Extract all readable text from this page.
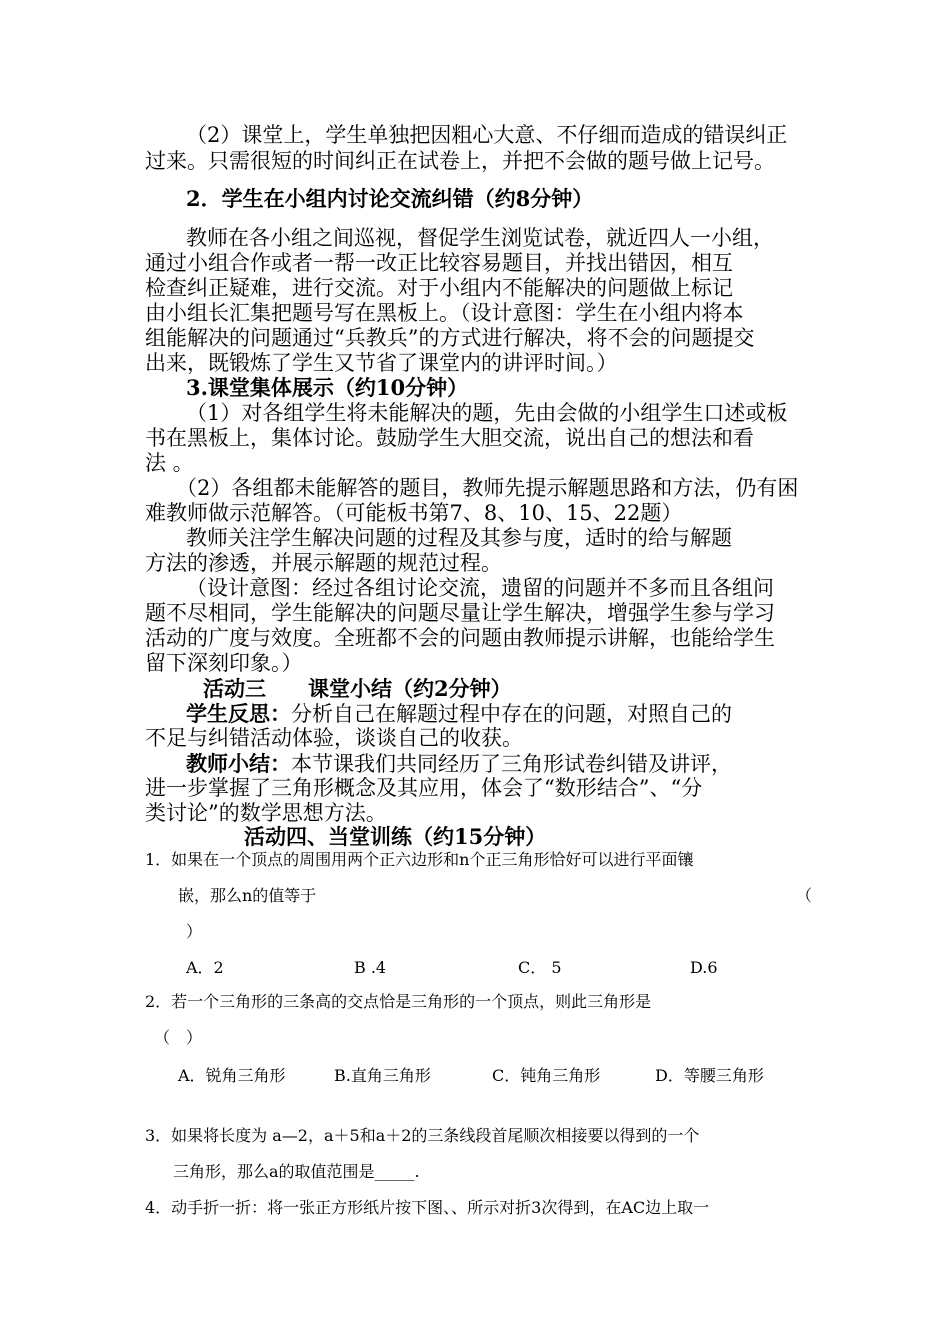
（2）课堂上，学生单独把因粗心大意、不仔细而造成的错误纠正
过来。只需很短的时间纠正在试卷上，并把不会做的题号做上记号。
2．学生在小组内讨论交流纠错（约8分钟）
教师在各小组之间巡视，督促学生浏览试卷，就近四人一小组，
通过小组合作或者一帮一改正比较容易题目，并找出错因，相互
检查纠正疑难，进行交流。对于小组内不能解决的问题做上标记
由小组长汇集把题号写在黑板上。（设计意图：学生在小组内将本
组能解决的问题通过“兵教兵”的方式进行解决，将不会的问题提交
出来，既锻炼了学生又节省了课堂内的讲评时间。）
3.课堂集体展示（约10分钟）
（1）对各组学生将未能解决的题，先由会做的小组学生口述或板
书在黑板上，集体讨论。鼓励学生大胆交流，说出自己的想法和看
法 。
（2）各组都未能解答的题目，教师先提示解题思路和方法，仍有困
难教师做示范解答。（可能板书第7、8、10、15、22题）
教师关注学生解决问题的过程及其参与度，适时的给与解题
方法的渗透，并展示解题的规范过程。
（设计意图：经过各组讨论交流，遗留的问题并不多而且各组问
题不尽相同，学生能解决的问题尽量让学生解决，增强学生参与学习
活动的广度与效度。全班都不会的问题由教师提示讲解，也能给学生
留下深刻印象。）
活动三　　课堂小结（约2分钟）
学生反思：分析自己在解题过程中存在的问题，对照自己的
不足与纠错活动体验，谈谈自己的收获。
教师小结：本节课我们共同经历了三角形试卷纠错及讲评，
进一步掌握了三角形概念及其应用，体会了“数形结合”、“分
类讨论”的数学思想方法。
活动四、当堂训练（约15分钟）
1．如果在一个顶点的周围用两个正六边形和n个正三角形恰好可以进行平面镶
嵌，那么n的值等于	（
）
A．2	B .4	C． 5	D.6
2．若一个三角形的三条高的交点恰是三角形的一个顶点，则此三角形是
（　）
A．锐角三角形	B.直角三角形	C．钝角三角形	D．等腰三角形
3．如果将长度为 a—2，a＋5和a＋2的三条线段首尾顺次相接要以得到的一个
三角形，那么a的取值范围是_____.
4．动手折一折：将一张正方形纸片按下图、、所示对折3次得到，在AC边上取一
